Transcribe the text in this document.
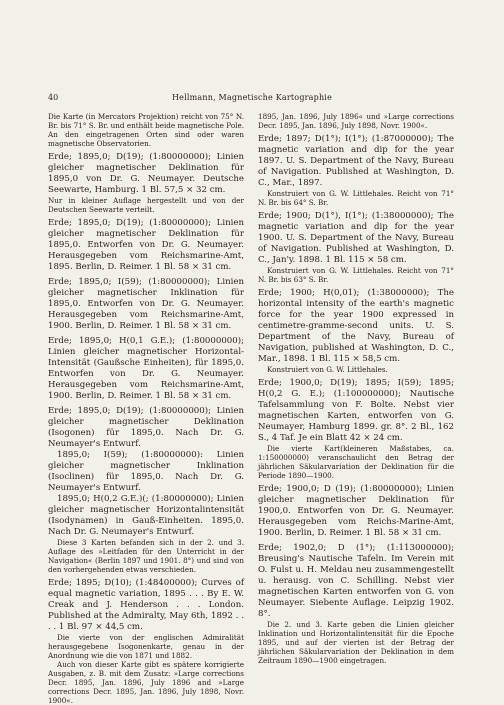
40	Hellmann, Magnetische Kartographie

Die Karte (in Mercators Projektion) reicht von 75° N. Br. bis 71° S. Br. und enthält beide magnetische Pole. An den eingetragenen Orten sind oder waren magnetische Observatorien.

Erde; 1895,0; D(19); (1:80000000); Linien gleicher magnetischer Deklination für 1895,0 von Dr. G. Neumayer. Deutsche Seewarte, Hamburg. 1 Bl. 57,5 × 32 cm.

Nur in kleiner Auflage hergestellt und von der Deutschen Seewarte verteilt.

Erde; 1895,0; D(19); (1:80000000); Linien gleicher magnetischer Deklination für 1895,0. Entworfen von Dr. G. Neumayer. Herausgegeben vom Reichsmarine-Amt, 1895. Berlin, D. Reimer. 1 Bl. 58 × 31 cm.

Erde; 1895,0; I(59); (1:80000000); Linien gleicher magnetischer Inklination für 1895,0. Entworfen von Dr. G. Neumayer. Herausgegeben vom Reichsmarine-Amt, 1900. Berlin, D. Reimer. 1 Bl. 58 × 31 cm.

Erde; 1895,0; H(0,1 G.E.); (1:80000000); Linien gleicher magnetischer Horizontal-Intensität (Gaußsche Einheiten), für 1895,0. Entworfen von Dr. G. Neumayer. Herausgegeben vom Reichsmarine-Amt, 1900. Berlin, D. Reimer. 1 Bl. 58 × 31 cm.

Erde; 1895,0; D(19); (1:80000000); Linien gleicher magnetischer Deklination (Isogonen) für 1895,0. Nach Dr. G. Neumayer's Entwurf.

1895,0; I(59); (1:80000000): Linien gleicher magnetischer Inklination (Isoclinen) für 1895,0. Nach Dr. G. Neumayer's Entwurf.

1895,0; H(0,2 G.E.)(; (1:80000000); Linien gleicher magnetischer Horizontalintensität (Isodynamen) in Gauß-Einheiten. 1895,0. Nach Dr. G. Neumayer's Entwurf.

Diese 3 Karten befanden sich in der 2. und 3. Auflage des »Leitfaden für den Unterricht in der Navigation« (Berlin 1897 und 1901. 8°) und sind von den vorhergehenden etwas verschieden.

Erde; 1895; D(10); (1:48400000); Curves of equal magnetic variation, 1895 . . . By E. W. Creak and J. Henderson . . . London. Published at the Admiralty, May 6th, 1892 . . . . 1 Bl. 97 × 44,5 cm.

Die vierte von der englischen Admiralität herausgegebene Isogonenkarte, genau in der Anordnung wie die von 1871 und 1882.

Auch von dieser Karte gibt es spätere korrigierte Ausgaben, z. B. mit dem Zusatz: »Large corrections Decr. 1895, Jan. 1896, July 1896 and »Large corrections Decr. 1895, Jan. 1896, July 1898, Novr. 1900«.

1895, Jan. 1896, July 1896« und »Large corrections Decr. 1895, Jan. 1896, July 1898, Novr. 1900«.

Erde; 1897; D(1°); I(1°); (1:87000000); The magnetic variation and dip for the year 1897. U. S. Department of the Navy, Bureau of Navigation. Published at Washington, D. C., Mar., 1897.

Konstruiert von G. W. Littlehales. Reicht von 71° N. Br. bis 64° S. Br.

Erde; 1900; D(1°), I(1°); (1:38000000); The magnetic variation and dip for the year 1900. U. S. Department of the Navy, Bureau of Navigation. Published at Washington, D. C., Jan'y. 1898. 1 Bl. 115 × 58 cm.

Konstruiert von G. W. Littlehales. Reicht von 71° N. Br. bis 63° S. Br.

Erde; 1900; H(0,01); (1:38000000); The horizontal intensity of the earth's magnetic force for the year 1900 expressed in centimetre-gramme-second units. U. S. Department of the Navy, Bureau of Navigation, published at Washington, D. C., Mar., 1898. 1 Bl. 115 × 58,5 cm.

Konstruiert von G. W. Littlehales.

Erde; 1900,0; D(19); 1895; I(59); 1895; H(0,2 G. E.); (1:100000000); Nautische Tafelsammlung von F. Bolte. Nebst vier magnetischen Karten, entworfen von G. Neumayer, Hamburg 1899. gr. 8°. 2 Bl., 162 S., 4 Taf. Je ein Blatt 42 × 24 cm.

Die vierte Kart(kleineren Maßstabes, ca. 1:150000000) veranschaulicht den Betrag der jährlichen Säkularvariation der Deklination für die Periode 1890—1900.

Erde; 1900,0; D (19); (1:80000000); Linien gleicher magnetischer Deklination für 1900,0. Entworfen von Dr. G. Neumayer. Herausgegeben vom Reichs-Marine-Amt, 1900. Berlin, D. Reimer. 1 Bl. 58 × 31 cm.

Erde; 1902,0; D (1°); (1:113000000); Breusing's Nautische Tafeln. Im Verein mit O. Fulst u. H. Meldau neu zusammengestellt u. herausg. von C. Schilling. Nebst vier magnetischen Karten entworfen von G. von Neumayer. Siebente Auflage. Leipzig 1902. 8°.

Die 2. und 3. Karte geben die Linien gleicher Inklination und Horizontalintensität für die Epoche 1895, und auf der vierten ist der Betrag der jährlichen Säkularvariation der Deklination in dem Zeitraum 1890—1900 eingetragen.
